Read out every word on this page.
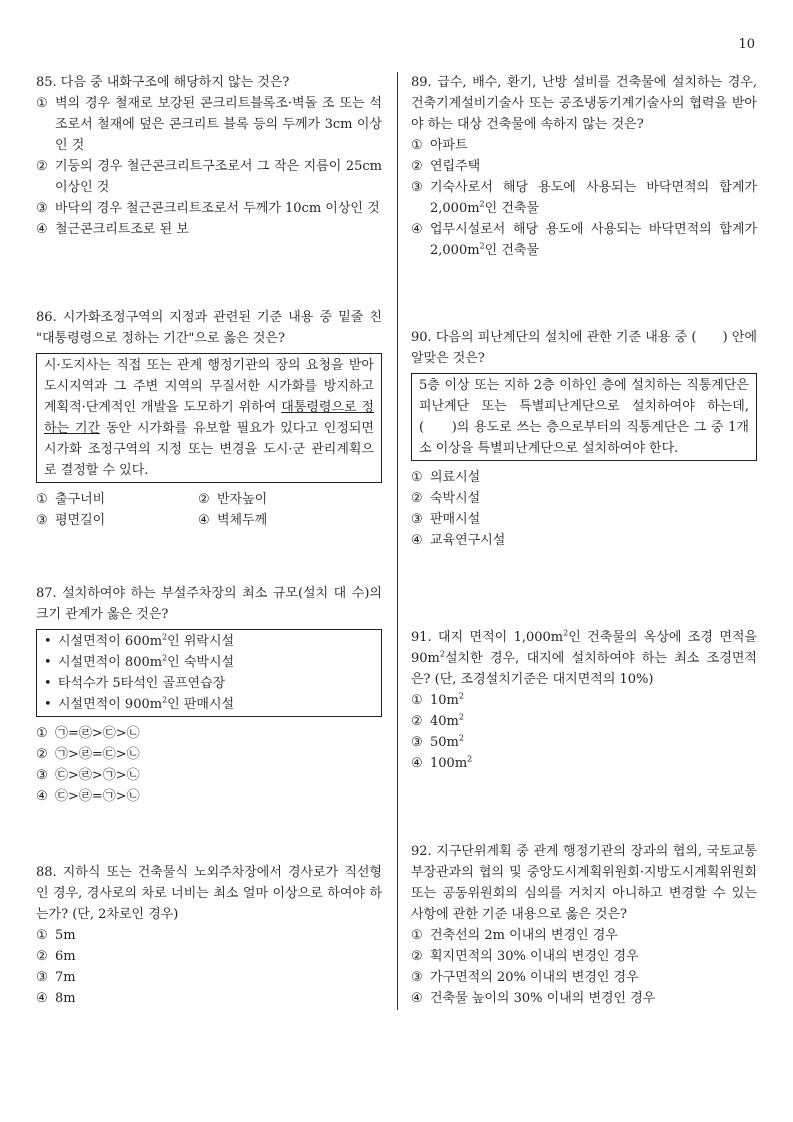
10
85. 다음 중 내화구조에 해당하지 않는 것은?
① 벽의 경우 철재로 보강된 콘크리트블록조·벽돌 조 또는 석조로서 철재에 덮은 콘크리트 블록 등의 두께가 3cm 이상인 것
② 기둥의 경우 철근콘크리트구조로서 그 작은 지름이 25cm 이상인 것
③ 바닥의 경우 철근콘크리트조로서 두께가 10cm 이상인 것
④ 철근콘크리트조로 된 보
86. 시가화조정구역의 지정과 관련된 기준 내용 중 밑줄 친 "대통령령으로 정하는 기간"으로 옳은 것은?
시·도지사는 직접 또는 관계 행정기관의 장의 요청을 받아 도시지역과 그 주변 지역의 무질서한 시가화를 방지하고 계획적·단계적인 개발을 도모하기 위하여 대통령령으로 정하는 기간 동안 시가화를 유보할 필요가 있다고 인정되면 시가화 조정구역의 지정 또는 변경을 도시·군 관리계획으로 결정할 수 있다.
① 출구너비	② 반자높이
③ 평면길이	④ 벽체두께
87. 설치하여야 하는 부설주차장의 최소 규모(설치 대 수)의 크기 관계가 옳은 것은?
• 시설면적이 $600m^2$인 위락시설
• 시설면적이 $800m^2$인 숙박시설
• 타석수가 5타석인 골프연습장
• 시설면적이 $900m^2$인 판매시설
① ㉠=㉣>㉢>㉡
② ㉠>㉣=㉢>㉡
③ ㉢>㉣>㉠>㉡
④ ㉢>㉣=㉠>㉡
88. 지하식 또는 건축물식 노외주차장에서 경사로가 직선형인 경우, 경사로의 차로 너비는 최소 얼마 이상으로 하여야 하는가? (단, 2차로인 경우)
① 5m
② 6m
③ 7m
④ 8m
89. 급수, 배수, 환기, 난방 설비를 건축물에 설치하는 경우, 건축기계설비기술사 또는 공조냉동기계기술사의 협력을 받아야 하는 대상 건축물에 속하지 않는 것은?
① 아파트
② 연립주택
③ 기숙사로서 해당 용도에 사용되는 바닥면적의 합계가 $2,000m^2$인 건축물
④ 업무시설로서 해당 용도에 사용되는 바닥면적의 합계가 $2,000m^2$인 건축물
90. 다음의 피난계단의 설치에 관한 기준 내용 중 (　　) 안에 알맞은 것은?
5층 이상 또는 지하 2층 이하인 층에 설치하는 직통계단은 피난계단 또는 특별피난계단으로 설치하여야 하는데, (　　)의 용도로 쓰는 층으로부터의 직통계단은 그 중 1개소 이상을 특별피난계단으로 설치하여야 한다.
① 의료시설
② 숙박시설
③ 판매시설
④ 교육연구시설
91. 대지 면적이 $1,000m^2$인 건축물의 옥상에 조경 면적을 $90m^2$설치한 경우, 대지에 설치하여야 하는 최소 조경면적은? (단, 조경설치기준은 대지면적의 10%)
① $10m^2$
② $40m^2$
③ $50m^2$
④ $100m^2$
92. 지구단위계획 중 관계 행정기관의 장과의 협의, 국토교통부장관과의 협의 및 중앙도시계획위원회·지방도시계획위원회 또는 공동위원회의 심의를 거치지 아니하고 변경할 수 있는 사항에 관한 기준 내용으로 옳은 것은?
① 건축선의 2m 이내의 변경인 경우
② 획지면적의 30% 이내의 변경인 경우
③ 가구면적의 20% 이내의 변경인 경우
④ 건축물 높이의 30% 이내의 변경인 경우
